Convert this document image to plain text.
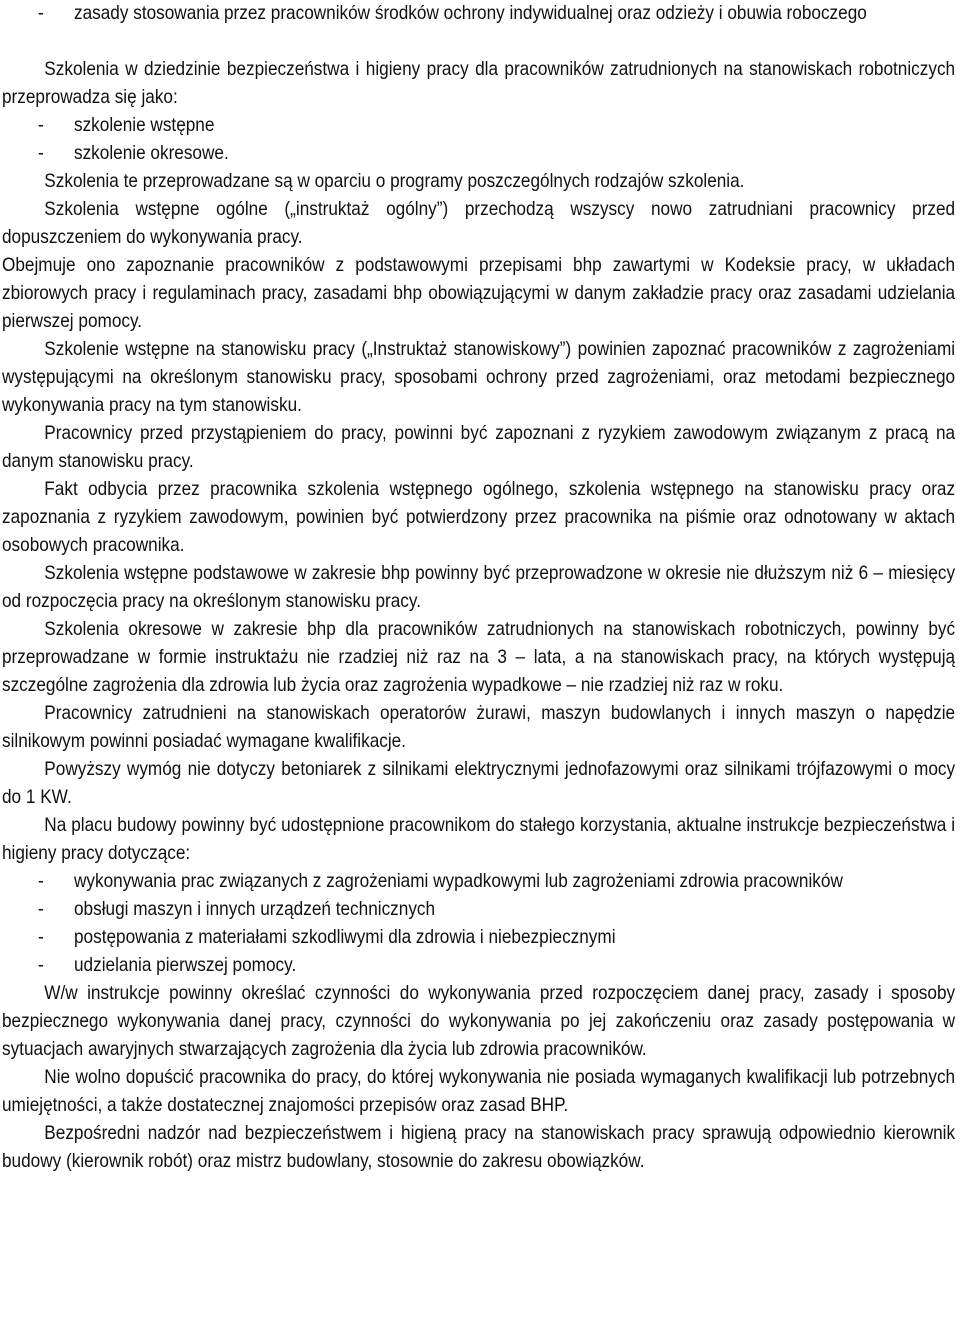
- zasady stosowania przez pracowników środków ochrony indywidualnej oraz odzieży i obuwia roboczego

Szkolenia w dziedzinie bezpieczeństwa i higieny pracy dla pracowników zatrudnionych na stanowiskach robotniczych przeprowadza się jako:

- szkolenie wstępne
- szkolenie okresowe.

Szkolenia te przeprowadzane są w oparciu o programy poszczególnych rodzajów szkolenia.

Szkolenia wstępne ogólne („instruktaż ogólny”) przechodzą wszyscy nowo zatrudniani pracownicy przed dopuszczeniem do wykonywania pracy.

Obejmuje ono zapoznanie pracowników z podstawowymi przepisami bhp zawartymi w Kodeksie pracy, w układach zbiorowych pracy i regulaminach pracy, zasadami bhp obowiązującymi w danym zakładzie pracy oraz zasadami udzielania pierwszej pomocy.

Szkolenie wstępne na stanowisku pracy („Instruktaż stanowiskowy”) powinien zapoznać pracowników z zagrożeniami występującymi na określonym stanowisku pracy, sposobami ochrony przed zagrożeniami, oraz metodami bezpiecznego wykonywania pracy na tym stanowisku.

Pracownicy przed przystąpieniem do pracy, powinni być zapoznani z ryzykiem zawodowym związanym z pracą na danym stanowisku pracy.

Fakt odbycia przez pracownika szkolenia wstępnego ogólnego, szkolenia wstępnego na stanowisku pracy oraz zapoznania z ryzykiem zawodowym, powinien być potwierdzony przez pracownika na piśmie oraz odnotowany w aktach osobowych pracownika.

Szkolenia wstępne podstawowe w zakresie bhp powinny być przeprowadzone w okresie nie dłuższym niż 6 – miesięcy od rozpoczęcia pracy na określonym stanowisku pracy.

Szkolenia okresowe w zakresie bhp dla pracowników zatrudnionych na stanowiskach robotniczych, powinny być przeprowadzane w formie instruktażu nie rzadziej niż raz na 3 – lata, a na stanowiskach pracy, na których występują szczególne zagrożenia dla zdrowia lub życia oraz zagrożenia wypadkowe – nie rzadziej niż raz w roku.

Pracownicy zatrudnieni na stanowiskach operatorów żurawi, maszyn budowlanych i innych maszyn o napędzie silnikowym powinni posiadać wymagane kwalifikacje.

Powyższy wymóg nie dotyczy betoniarek z silnikami elektrycznymi jednofazowymi oraz silnikami trójfazowymi o mocy do 1 KW.

Na placu budowy powinny być udostępnione pracownikom do stałego korzystania, aktualne instrukcje bezpieczeństwa i higieny pracy dotyczące:

- wykonywania prac związanych z zagrożeniami wypadkowymi lub zagrożeniami zdrowia pracowników
- obsługi maszyn i innych urządzeń technicznych
- postępowania z materiałami szkodliwymi dla zdrowia i niebezpiecznymi
- udzielania pierwszej pomocy.

W/w instrukcje powinny określać czynności do wykonywania przed rozpoczęciem danej pracy, zasady i sposoby bezpiecznego wykonywania danej pracy, czynności do wykonywania po jej zakończeniu oraz zasady postępowania w sytuacjach awaryjnych stwarzających zagrożenia dla życia lub zdrowia pracowników.

Nie wolno dopuścić pracownika do pracy, do której wykonywania nie posiada wymaganych kwalifikacji lub potrzebnych umiejętności, a także dostatecznej znajomości przepisów oraz zasad BHP.

Bezpośredni nadzór nad bezpieczeństwem i higieną pracy na stanowiskach pracy sprawują odpowiednio kierownik budowy (kierownik robót) oraz mistrz budowlany, stosownie do zakresu obowiązków.
